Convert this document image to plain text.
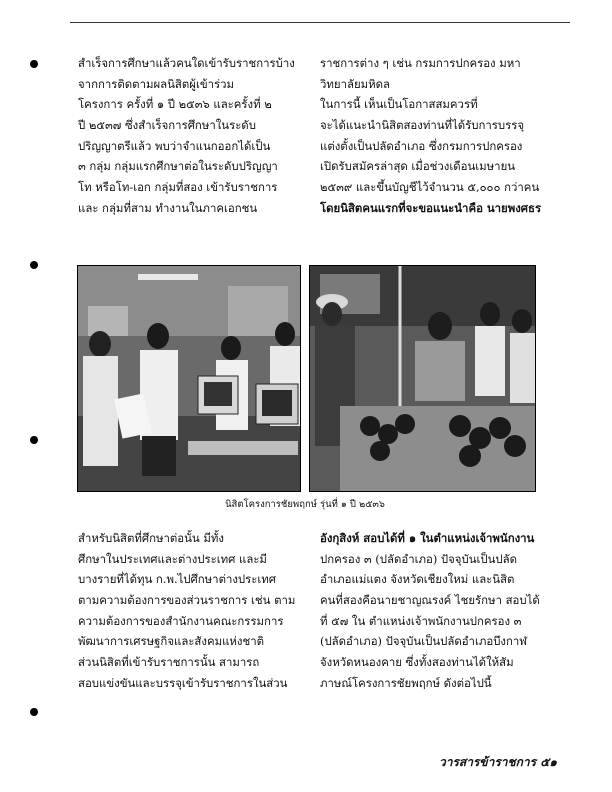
สำเร็จการศึกษาแล้วคนใดเข้ารับราชการบ้าง
จากการติดตามผลนิสิตผู้เข้าร่วม
โครงการ ครั้งที่ ๑ ปี ๒๕๓๖ และครั้งที่ ๒
ปี ๒๕๓๗ ซึ่งสำเร็จการศึกษาในระดับ
ปริญญาตรีแล้ว พบว่าจำแนกออกได้เป็น
๓ กลุ่ม กลุ่มแรกศึกษาต่อในระดับปริญญา
โท หรือโท-เอก กลุ่มที่สอง เข้ารับราชการ
และ กลุ่มที่สาม ทำงานในภาคเอกชน
ราชการต่าง ๆ เช่น กรมการปกครอง มหา
วิทยาลัยมหิดล
ในการนี้ เห็นเป็นโอกาสสมควรที่
จะได้แนะนำนิสิตสองท่านที่ได้รับการบรรจุ
แต่งตั้งเป็นปลัดอำเภอ ซึ่งกรมการปกครอง
เปิดรับสมัครล่าสุด เมื่อช่วงเดือนเมษายน
๒๕๓๙ และขึ้นบัญชีไว้จำนวน ๕,๐๐๐ กว่าคน
โดยนิสิตคนแรกที่จะขอแนะนำคือ นายพงศธร
นิสิตโครงการชัยพฤกษ์ รุ่นที่ ๑ ปี ๒๕๓๖
สำหรับนิสิตที่ศึกษาต่อนั้น มีทั้ง
ศึกษาในประเทศและต่างประเทศ และมี
บางรายที่ได้ทุน ก.พ.ไปศึกษาต่างประเทศ
ตามความต้องการของส่วนราชการ เช่น ตาม
ความต้องการของสำนักงานคณะกรรมการ
พัฒนาการเศรษฐกิจและสังคมแห่งชาติ
ส่วนนิสิตที่เข้ารับราชการนั้น สามารถ
สอบแข่งขันและบรรจุเข้ารับราชการในส่วน
อังกุสิงห์ สอบได้ที่ ๑ ในตำแหน่งเจ้าพนักงาน
ปกครอง ๓ (ปลัดอำเภอ) ปัจจุบันเป็นปลัด
อำเภอแม่แตง จังหวัดเชียงใหม่ และนิสิต
คนที่สองคือนายชาญณรงค์ ไชยรักษา สอบได้
ที่ ๕๗ ใน ตำแหน่งเจ้าพนักงานปกครอง ๓
(ปลัดอำเภอ) ปัจจุบันเป็นปลัดอำเภอบึงกาฬ
จังหวัดหนองคาย ซึ่งทั้งสองท่านได้ให้สัม
ภาษณ์โครงการชัยพฤกษ์ ดังต่อไปนี้
วารสารข้าราชการ ๕๑
